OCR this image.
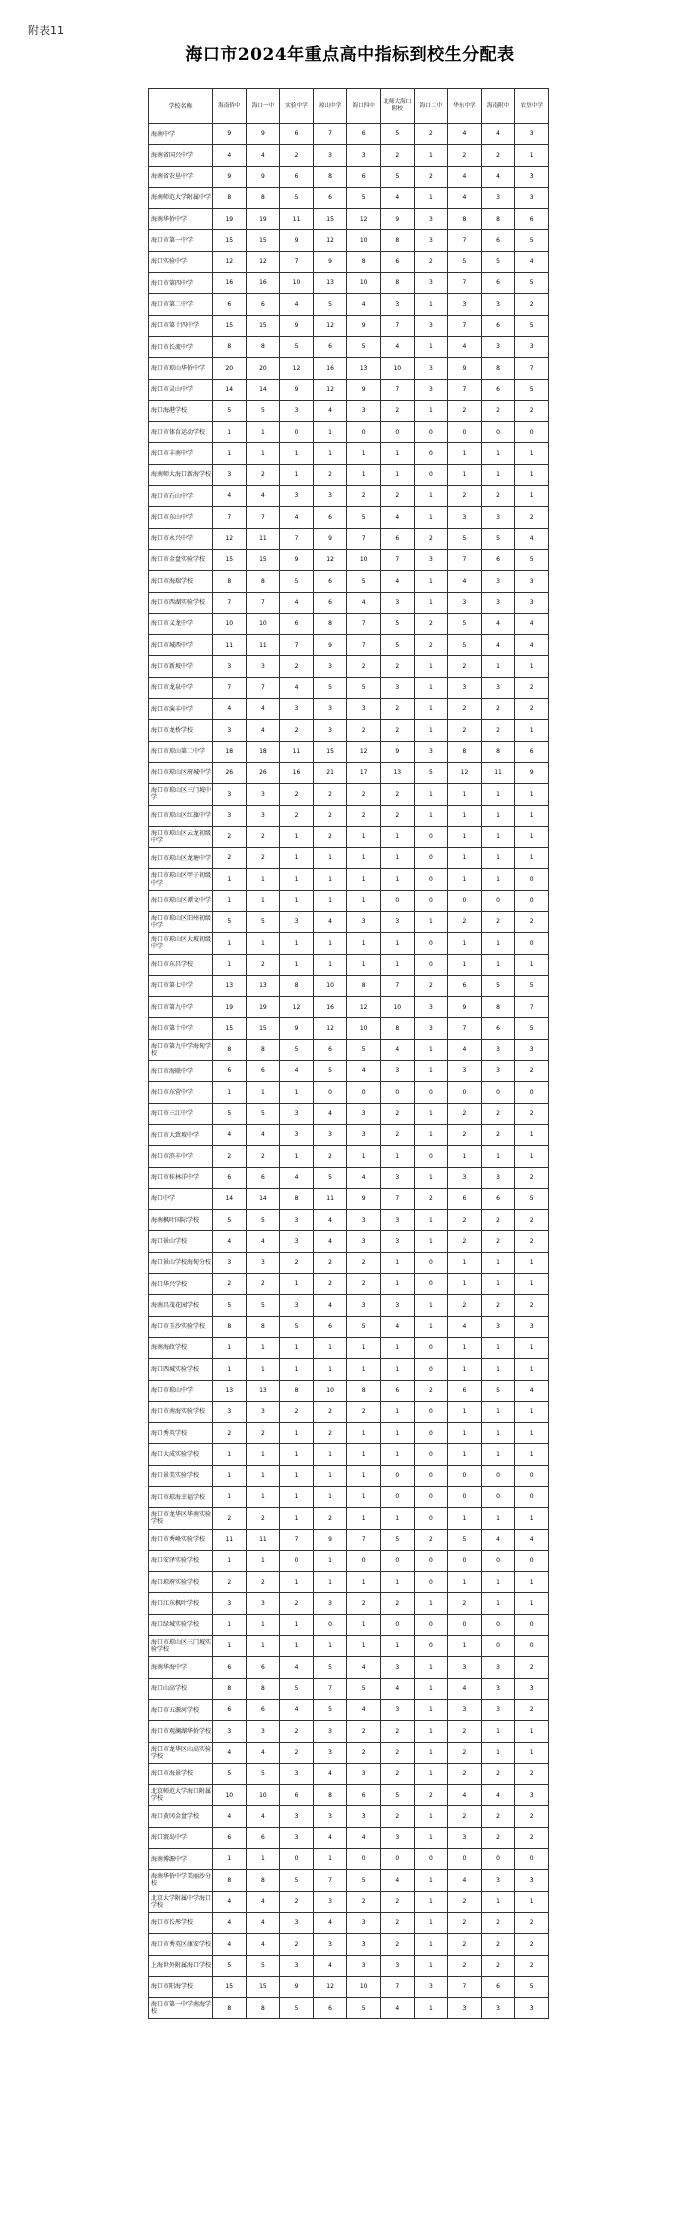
附表11
海口市2024年重点高中指标到校生分配表
学校名称	海南侨中	海口一中	实验中学	琼山中学	海口四中	北师大海口附校	海口二中	华东中学	海南附中	农垦中学
海南中学	9	9	6	7	6	5	2	4	4	3
海南省国兴中学	4	4	2	3	3	2	1	2	2	1
海南省农垦中学	9	9	6	8	6	5	2	4	4	3
海南师范大学附属中学	8	8	5	6	5	4	1	4	3	3
海南华侨中学	19	19	11	15	12	9	3	8	8	6
海口市第一中学	15	15	9	12	10	8	3	7	6	5
海口实验中学	12	12	7	9	8	6	2	5	5	4
海口市第四中学	16	16	10	13	10	8	3	7	6	5
海口市第二中学	6	6	4	5	4	3	1	3	3	2
海口市第十四中学	15	15	9	12	9	7	3	7	6	5
海口市长流中学	8	8	5	6	5	4	1	4	3	3
海口市琼山华侨中学	20	20	12	16	13	10	3	9	8	7
海口市灵山中学	14	14	9	12	9	7	3	7	6	5
海口海港学校	5	5	3	4	3	2	1	2	2	2
海口市体育运动学校	1	1	0	1	0	0	0	0	0	0
海口市丰南中学	1	1	1	1	1	1	0	1	1	1
海南师大海口新海学校	3	2	1	2	1	1	0	1	1	1
海口市石山中学	4	4	3	3	2	2	1	2	2	1
海口市东山中学	7	7	4	6	5	4	1	3	3	2
海口市永兴中学	12	11	7	9	7	6	2	5	5	4
海口市金盘实验学校	15	15	9	12	10	7	3	7	6	5
海口市海瑞学校	8	8	5	6	5	4	1	4	3	3
海口市西湖实验学校	7	7	4	6	4	3	1	3	3	3
海口市义龙中学	10	10	6	8	7	5	2	5	4	4
海口市城西中学	11	11	7	9	7	5	2	5	4	4
海口市新坡中学	3	3	2	3	2	2	1	2	1	1
海口市龙泉中学	7	7	4	5	5	3	1	3	3	2
海口市演丰中学	4	4	3	3	3	2	1	2	2	2
海口市龙桥学校	3	4	2	3	2	2	1	2	2	1
海口市琼山第二中学	18	18	11	15	12	9	3	8	8	6
海口市琼山区府城中学	26	26	16	21	17	13	5	12	11	9
海口市琼山区三门坡中学	3	3	2	2	2	2	1	1	1	1
海口市琼山区红旗中学	3	3	2	2	2	2	1	1	1	1
海口市琼山区云龙初级中学	2	2	1	2	1	1	0	1	1	1
海口市琼山区龙塘中学	2	2	1	1	1	1	0	1	1	1
海口市琼山区甲子初级中学	1	1	1	1	1	1	0	1	1	0
海口市琼山区谭文中学	1	1	1	1	1	0	0	0	0	0
海口市琼山区旧州初级中学	5	5	3	4	3	3	1	2	2	2
海口市琼山区大坡初级中学	1	1	1	1	1	1	0	1	1	0
海口市东昌学校	1	2	1	1	1	1	0	1	1	1
海口市第七中学	13	13	8	10	8	7	2	6	5	5
海口市第九中学	19	19	12	16	12	10	3	9	8	7
海口市第十中学	15	15	9	12	10	8	3	7	6	5
海口市第九中学海甸学校	8	8	5	6	5	4	1	4	3	3
海口市海联中学	6	6	4	5	4	3	1	3	3	2
海口市东营中学	1	1	1	0	0	0	0	0	0	0
海口市三江中学	5	5	3	4	3	2	1	2	2	2
海口市大致坡中学	4	4	3	3	3	2	1	2	2	1
海口市滨丰中学	2	2	1	2	1	1	0	1	1	1
海口市桂林洋中学	6	6	4	5	4	3	1	3	3	2
海口中学	14	14	8	11	9	7	2	6	6	5
海南枫叶国际学校	5	5	3	4	3	3	1	2	2	2
海口景山学校	4	4	3	4	3	3	1	2	2	2
海口景山学校海甸分校	3	3	2	2	2	1	0	1	1	1
海口华兴学校	2	2	1	2	2	1	0	1	1	1
海南昌茂花园学校	5	5	3	4	3	3	1	2	2	2
海口市玉沙实验学校	8	8	5	6	5	4	1	4	3	3
海南海政学校	1	1	1	1	1	1	0	1	1	1
海口西城实验学校	1	1	1	1	1	1	0	1	1	1
海口市琼山中学	13	13	8	10	8	6	2	6	5	4
海口市南海实验学校	3	3	2	2	2	1	0	1	1	1
海口秀英学校	2	2	1	2	1	1	0	1	1	1
海口大成实验学校	1	1	1	1	1	1	0	1	1	1
海口景美实验学校	1	1	1	1	1	0	0	0	0	0
海口市琼海幸福学校	1	1	1	1	1	0	0	0	0	0
海口市龙华区华南实验学校	2	2	1	2	1	1	0	1	1	1
海口市秀峰实验学校	11	11	7	9	7	5	2	5	4	4
海口安泽实验学校	1	1	0	1	0	0	0	0	0	0
海口琼府实验学校	2	2	1	1	1	1	0	1	1	1
海口江东枫叶学校	3	3	2	3	2	2	1	2	1	1
海口绿城实验学校	1	1	1	0	1	0	0	0	0	0
海口市琼山区三门坡实验学校	1	1	1	1	1	1	0	1	0	0
海南华海中学	6	6	4	5	4	3	1	3	3	2
海口山高学校	8	8	5	7	5	4	1	4	3	3
海口市五源河学校	6	6	4	5	4	3	1	3	3	2
海口市观澜湖华侨学校	3	3	2	3	2	2	1	2	1	1
海口市龙华区山高实验学校	4	4	2	3	2	2	1	2	1	1
海口市海景学校	5	5	3	4	3	2	1	2	2	2
北京师范大学海口附属学校	10	10	6	8	6	5	2	4	4	3
海口黄冈金盘学校	4	4	3	3	3	2	1	2	2	2
海口寰岛中学	6	6	3	4	4	3	1	3	2	2
海南博源中学	1	1	0	1	0	0	0	0	0	0
海南华侨中学美丽沙分校	8	8	5	7	5	4	1	4	3	3
北京大学附属中学海口学校	4	4	2	3	2	2	1	2	1	1
海口市长彤学校	4	4	3	4	3	2	1	2	2	2
海口市秀英区康安学校	4	4	2	3	3	2	1	2	2	2
上海世外附属海口学校	5	5	3	4	3	3	1	2	2	2
海口市阳海学校	15	15	9	12	10	7	3	7	6	5
海口市第一中学南海学校	8	8	5	6	5	4	1	3	3	3
